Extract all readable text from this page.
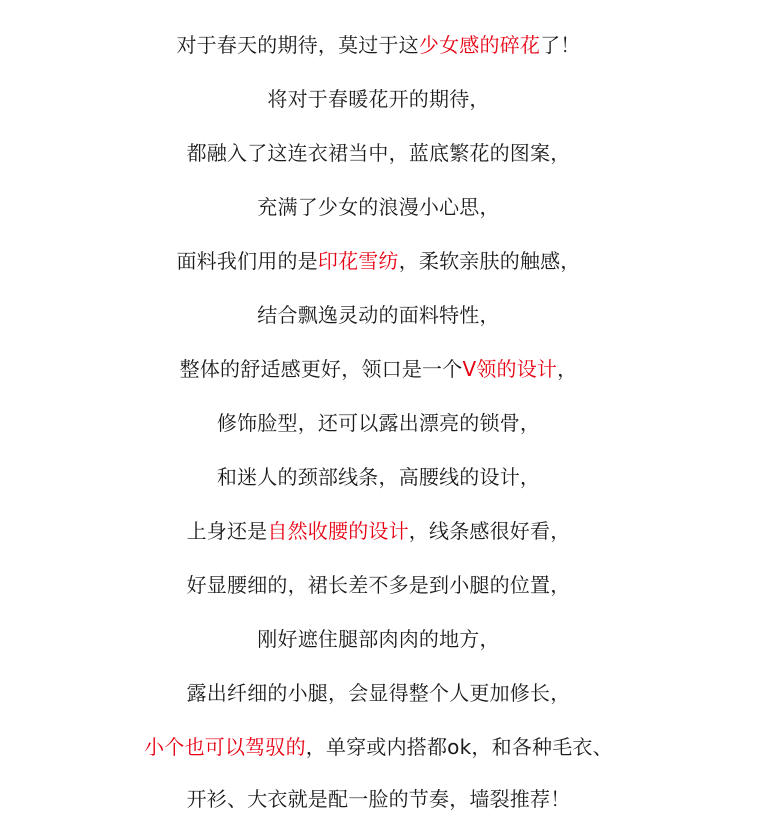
对于春天的期待，莫过于这少女感的碎花了！
将对于春暖花开的期待，
都融入了这连衣裙当中，蓝底繁花的图案，
充满了少女的浪漫小心思，
面料我们用的是印花雪纺，柔软亲肤的触感，
结合飘逸灵动的面料特性，
整体的舒适感更好，领口是一个V领的设计，
修饰脸型，还可以露出漂亮的锁骨，
和迷人的颈部线条，高腰线的设计，
上身还是自然收腰的设计，线条感很好看，
好显腰细的，裙长差不多是到小腿的位置，
刚好遮住腿部肉肉的地方，
露出纤细的小腿，会显得整个人更加修长，
小个也可以驾驭的，单穿或内搭都ok，和各种毛衣、
开衫、大衣就是配一脸的节奏，墙裂推荐！
